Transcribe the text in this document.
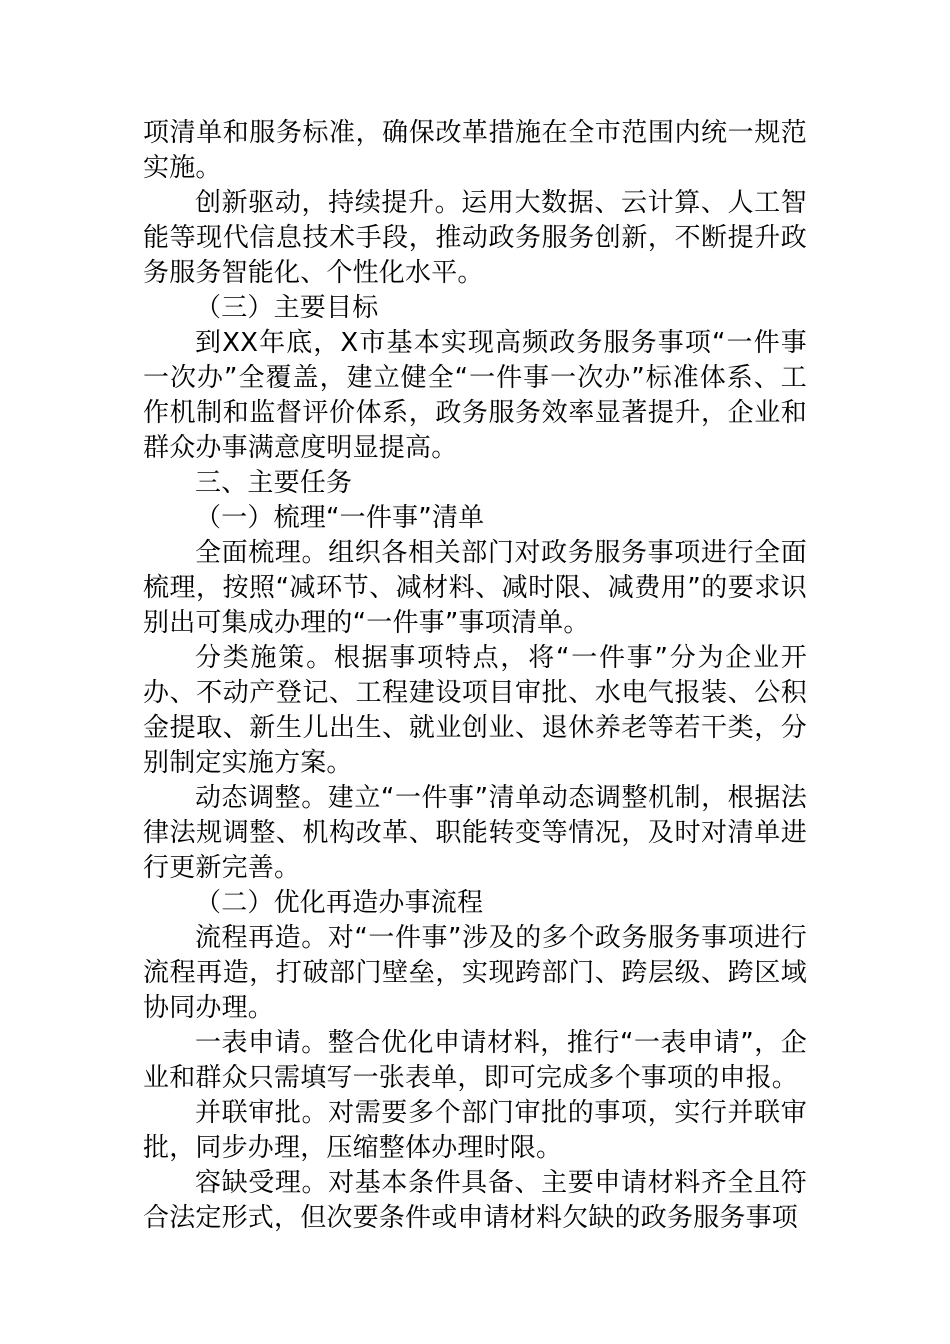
项清单和服务标准，确保改革措施在全市范围内统一规范实施。

创新驱动，持续提升。运用大数据、云计算、人工智能等现代信息技术手段，推动政务服务创新，不断提升政务服务智能化、个性化水平。

（三）主要目标

到XX年底，X市基本实现高频政务服务事项“一件事一次办”全覆盖，建立健全“一件事一次办”标准体系、工作机制和监督评价体系，政务服务效率显著提升，企业和群众办事满意度明显提高。

三、主要任务

（一）梳理“一件事”清单

全面梳理。组织各相关部门对政务服务事项进行全面梳理，按照“减环节、减材料、减时限、减费用”的要求识别出可集成办理的“一件事”事项清单。

分类施策。根据事项特点，将“一件事”分为企业开办、不动产登记、工程建设项目审批、水电气报装、公积金提取、新生儿出生、就业创业、退休养老等若干类，分别制定实施方案。

动态调整。建立“一件事”清单动态调整机制，根据法律法规调整、机构改革、职能转变等情况，及时对清单进行更新完善。

（二）优化再造办事流程

流程再造。对“一件事”涉及的多个政务服务事项进行流程再造，打破部门壁垒，实现跨部门、跨层级、跨区域协同办理。

一表申请。整合优化申请材料，推行“一表申请”，企业和群众只需填写一张表单，即可完成多个事项的申报。

并联审批。对需要多个部门审批的事项，实行并联审批，同步办理，压缩整体办理时限。

容缺受理。对基本条件具备、主要申请材料齐全且符合法定形式，但次要条件或申请材料欠缺的政务服务事项
